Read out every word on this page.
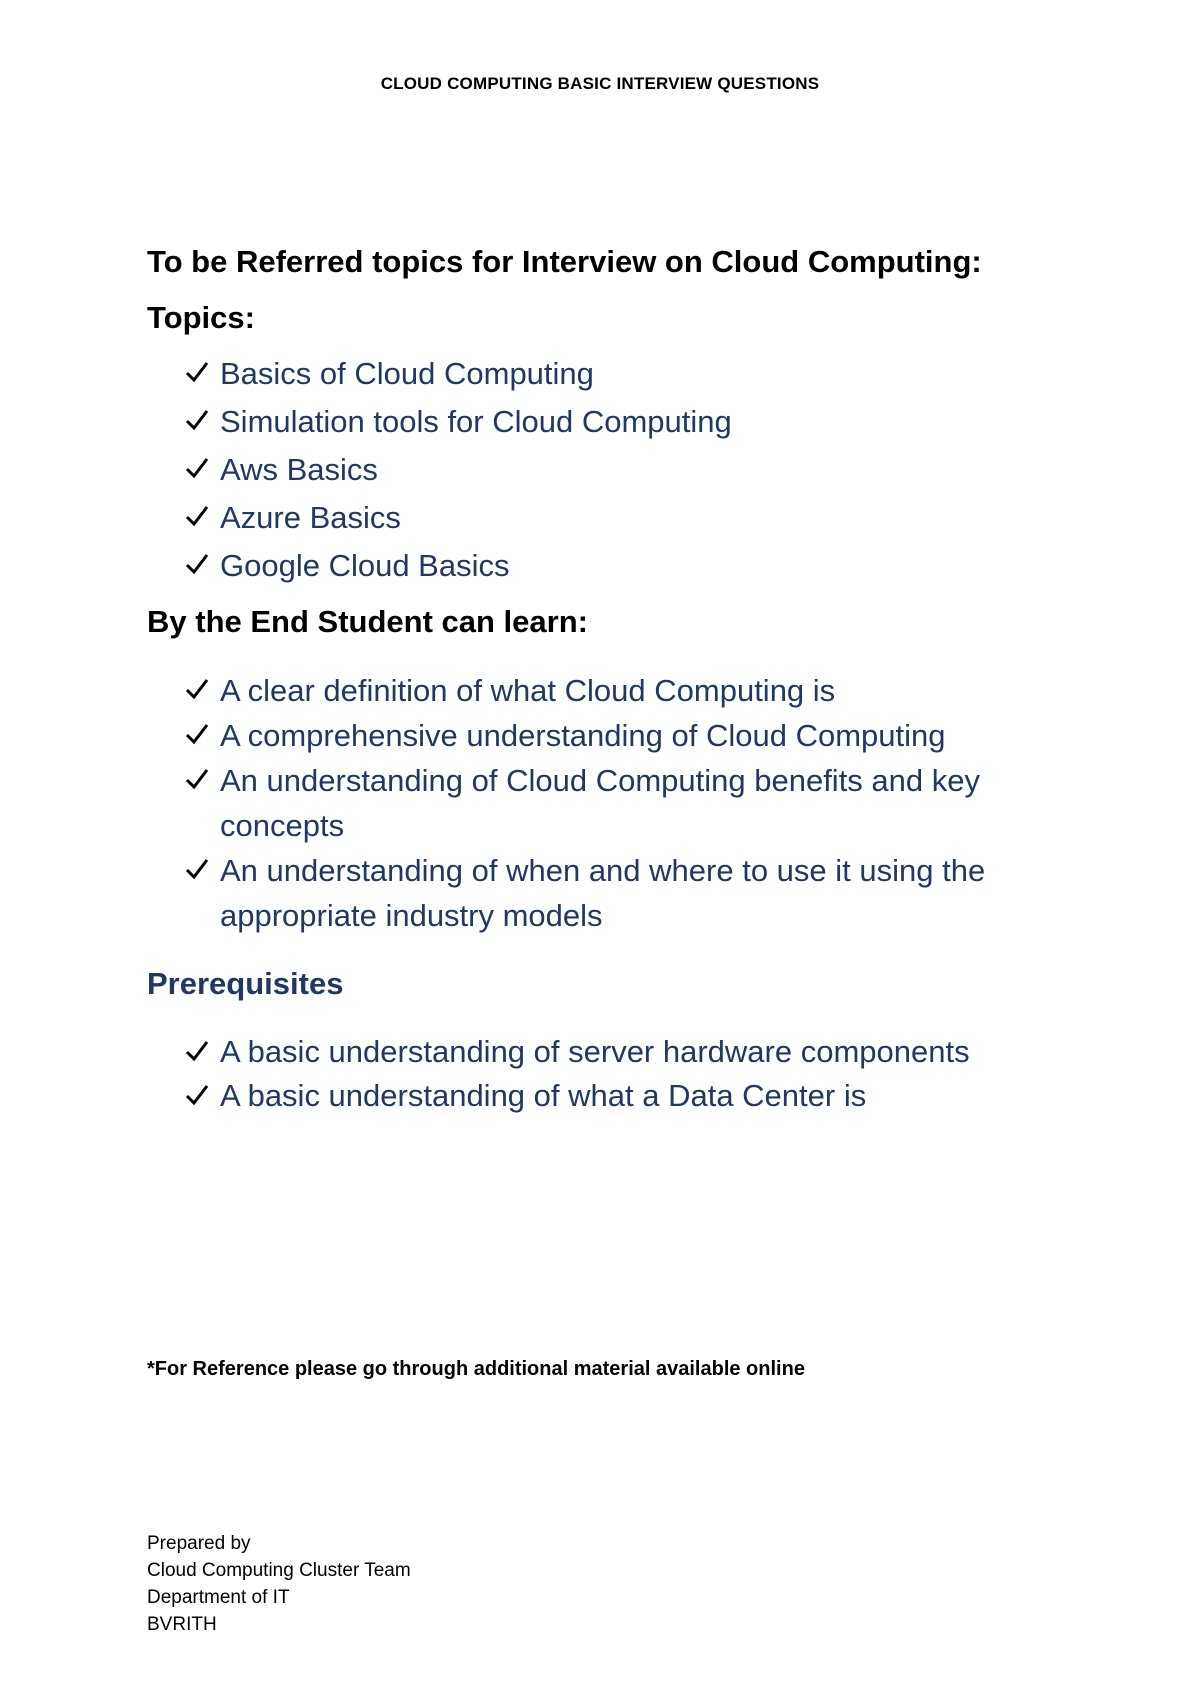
CLOUD COMPUTING BASIC INTERVIEW QUESTIONS
To be Referred topics for Interview on Cloud Computing:
Topics:
Basics of Cloud Computing
Simulation tools for Cloud Computing
Aws Basics
Azure Basics
Google Cloud Basics
By the End Student can learn:
A clear definition of what Cloud Computing is
A comprehensive understanding of Cloud Computing
An understanding of Cloud Computing benefits and key concepts
An understanding of when and where to use it using the appropriate industry models
Prerequisites
A basic understanding of server hardware components
A basic understanding of what a Data Center is
*For Reference please go through additional material available online
Prepared by
Cloud Computing Cluster Team
Department of IT
BVRITH
